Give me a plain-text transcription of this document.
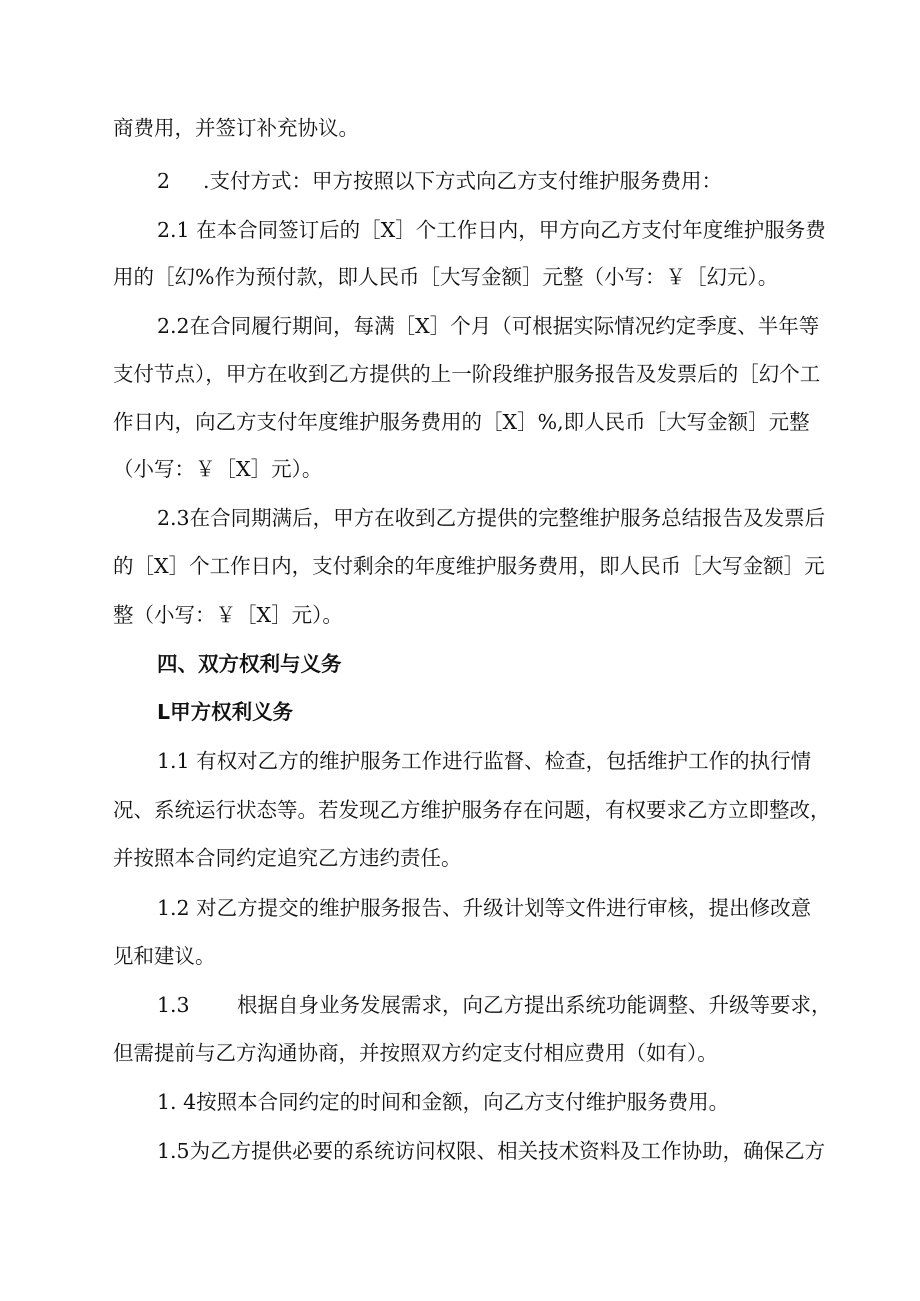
商费用，并签订补充协议。
2 .支付方式：甲方按照以下方式向乙方支付维护服务费用：
2.1 在本合同签订后的［X］个工作日内，甲方向乙方支付年度维护服务费
用的［幻%作为预付款，即人民币［大写金额］元整（小写：￥［幻元）。
2.2在合同履行期间，每满［X］个月（可根据实际情况约定季度、半年等
支付节点），甲方在收到乙方提供的上一阶段维护服务报告及发票后的［幻个工
作日内，向乙方支付年度维护服务费用的［X］%,即人民币［大写金额］元整
（小写：￥［X］元）。
2.3在合同期满后，甲方在收到乙方提供的完整维护服务总结报告及发票后
的［X］个工作日内，支付剩余的年度维护服务费用，即人民币［大写金额］元
整（小写：￥［X］元）。
四、双方权利与义务
L甲方权利义务
1.1 有权对乙方的维护服务工作进行监督、检查，包括维护工作的执行情
况、系统运行状态等。若发现乙方维护服务存在问题，有权要求乙方立即整改，
并按照本合同约定追究乙方违约责任。
1.2 对乙方提交的维护服务报告、升级计划等文件进行审核，提出修改意
见和建议。
1.3 根据自身业务发展需求，向乙方提出系统功能调整、升级等要求，
但需提前与乙方沟通协商，并按照双方约定支付相应费用（如有）。
1. 4按照本合同约定的时间和金额，向乙方支付维护服务费用。
1.5为乙方提供必要的系统访问权限、相关技术资料及工作协助，确保乙方
